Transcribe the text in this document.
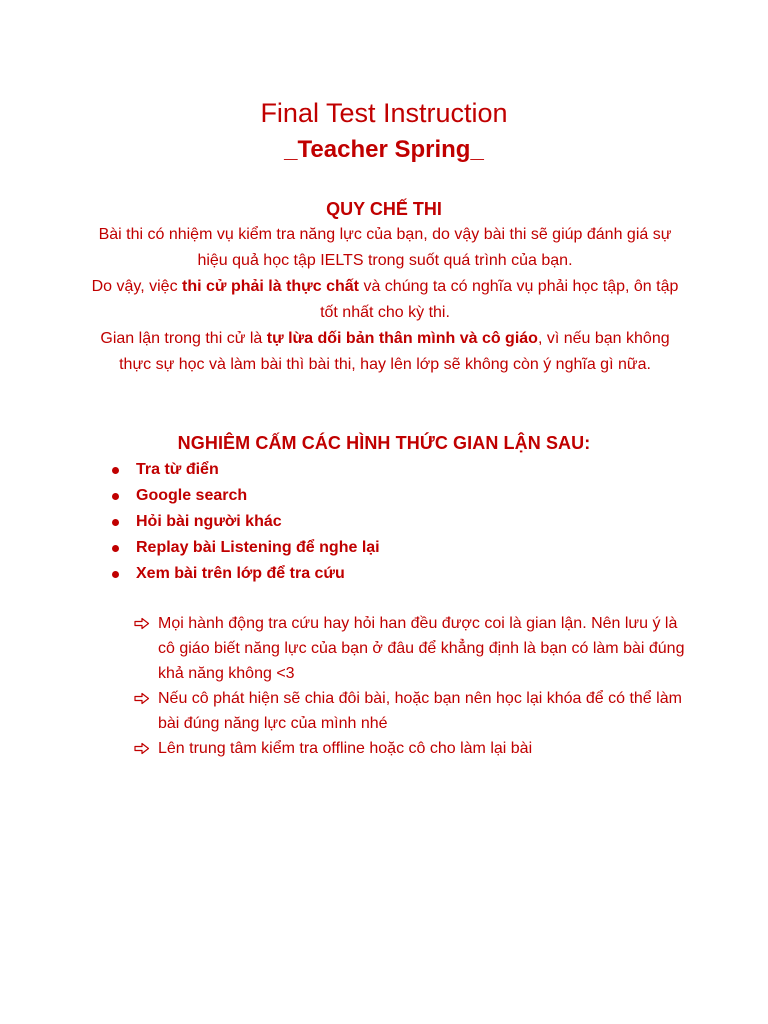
Final Test Instruction
_Teacher Spring_
QUY CHẾ THI
Bài thi có nhiệm vụ kiểm tra năng lực của bạn, do vậy bài thi sẽ giúp đánh giá sự hiệu quả học tập IELTS trong suốt quá trình của bạn.
Do vậy, việc thi cử phải là thực chất và chúng ta có nghĩa vụ phải học tập, ôn tập tốt nhất cho kỳ thi.
Gian lận trong thi cử là tự lừa dối bản thân mình và cô giáo, vì nếu bạn không thực sự học và làm bài thì bài thi, hay lên lớp sẽ không còn ý nghĩa gì nữa.
NGHIÊM CẤM CÁC HÌNH THỨC GIAN LẬN SAU:
Tra từ điển
Google search
Hỏi bài người khác
Replay bài Listening để nghe lại
Xem bài trên lớp để tra cứu
Mọi hành động tra cứu hay hỏi han đều được coi là gian lận. Nên lưu ý là cô giáo biết năng lực của bạn ở đâu để khẳng định là bạn có làm bài đúng khả năng không <3
Nếu cô phát hiện sẽ chia đôi bài, hoặc bạn nên học lại khóa để có thể làm bài đúng năng lực của mình nhé
Lên trung tâm kiểm tra offline hoặc cô cho làm lại bài
